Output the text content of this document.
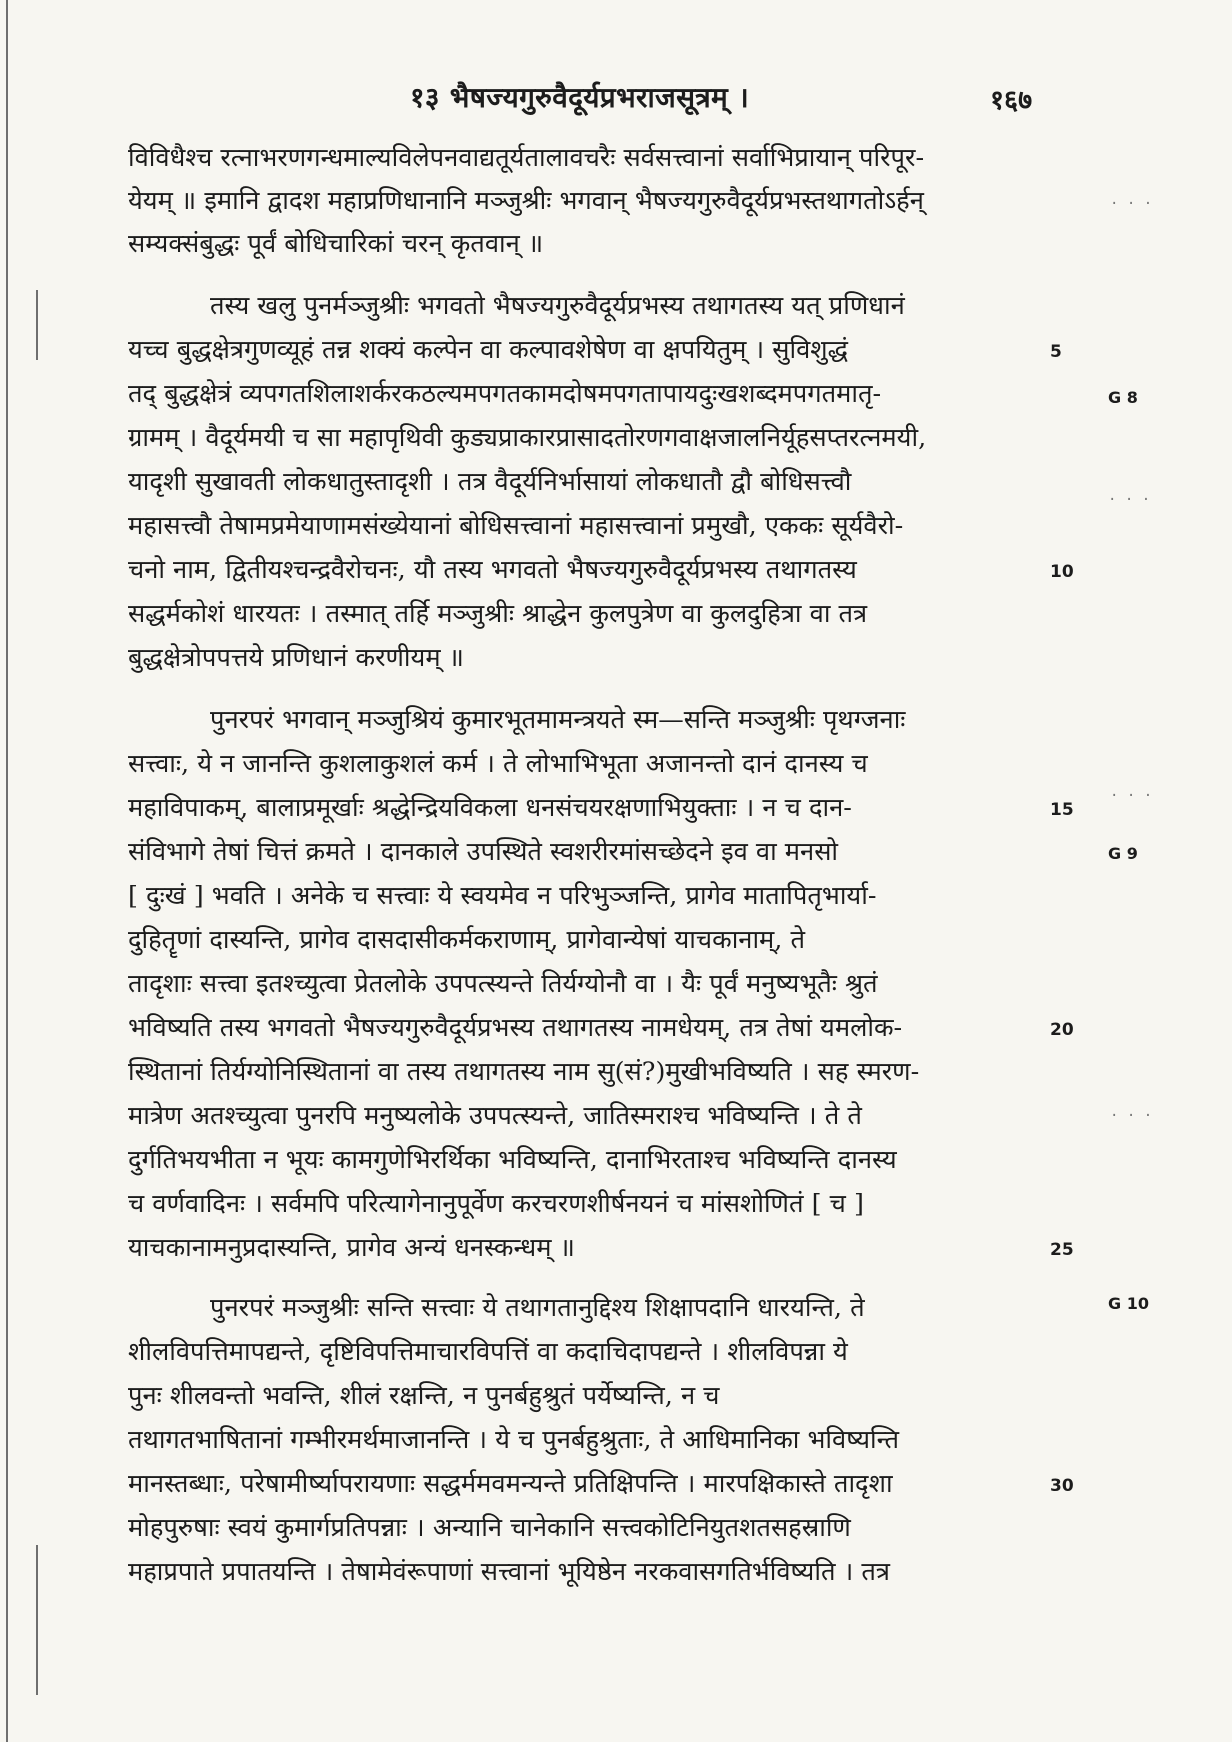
१३ भैषज्यगुरुवैदूर्यप्रभराजसूत्रम् ।	१६७
विविधैश्च रत्नाभरणगन्धमाल्यविलेपनवाद्यतूर्यतालावचरैः सर्वसत्त्वानां सर्वाभिप्रायान् परिपूर-
येयम् ॥ इमानि द्वादश महाप्रणिधानानि मञ्जुश्रीः भगवान् भैषज्यगुरुवैदूर्यप्रभस्तथागतोऽर्हन्
सम्यक्संबुद्धः पूर्वं बोधिचारिकां चरन् कृतवान् ॥
तस्य खलु पुनर्मञ्जुश्रीः भगवतो भैषज्यगुरुवैदूर्यप्रभस्य तथागतस्य यत् प्रणिधानं
यच्च बुद्धक्षेत्रगुणव्यूहं तन्न शक्यं कल्पेन वा कल्पावशेषेण वा क्षपयितुम् । सुविशुद्धं
तद् बुद्धक्षेत्रं व्यपगतशिलाशर्करकठल्यमपगतकामदोषमपगतापायदुःखशब्दमपगतमातृ-
ग्रामम् । वैदूर्यमयी च सा महापृथिवी कुड्यप्राकारप्रासादतोरणगवाक्षजालनिर्यूहसप्तरत्नमयी,
यादृशी सुखावती लोकधातुस्तादृशी । तत्र वैदूर्यनिर्भासायां लोकधातौ द्वौ बोधिसत्त्वौ
महासत्त्वौ तेषामप्रमेयाणामसंख्येयानां बोधिसत्त्वानां महासत्त्वानां प्रमुखौ, एककः सूर्यवैरो-
चनो नाम, द्वितीयश्चन्द्रवैरोचनः, यौ तस्य भगवतो भैषज्यगुरुवैदूर्यप्रभस्य तथागतस्य
सद्धर्मकोशं धारयतः । तस्मात् तर्हि मञ्जुश्रीः श्राद्धेन कुलपुत्रेण वा कुलदुहित्रा वा तत्र
बुद्धक्षेत्रोपपत्तये प्रणिधानं करणीयम् ॥
पुनरपरं भगवान् मञ्जुश्रियं कुमारभूतमामन्त्रयते स्म—सन्ति मञ्जुश्रीः पृथग्जनाः
सत्त्वाः, ये न जानन्ति कुशलाकुशलं कर्म । ते लोभाभिभूता अजानन्तो दानं दानस्य च
महाविपाकम्, बालाप्रमूर्खाः श्रद्धेन्द्रियविकला धनसंचयरक्षणाभियुक्ताः । न च दान-
संविभागे तेषां चित्तं क्रमते । दानकाले उपस्थिते स्वशरीरमांसच्छेदने इव वा मनसो
[ दुःखं ] भवति । अनेके च सत्त्वाः ये स्वयमेव न परिभुञ्जन्ति, प्रागेव मातापितृभार्या-
दुहितॄणां दास्यन्ति, प्रागेव दासदासीकर्मकराणाम्, प्रागेवान्येषां याचकानाम्, ते
तादृशाः सत्त्वा इतश्च्युत्वा प्रेतलोके उपपत्स्यन्ते तिर्यग्योनौ वा । यैः पूर्वं मनुष्यभूतैः श्रुतं
भविष्यति तस्य भगवतो भैषज्यगुरुवैदूर्यप्रभस्य तथागतस्य नामधेयम्, तत्र तेषां यमलोक-
स्थितानां तिर्यग्योनिस्थितानां वा तस्य तथागतस्य नाम सु(सं?)मुखीभविष्यति । सह स्मरण-
मात्रेण अतश्च्युत्वा पुनरपि मनुष्यलोके उपपत्स्यन्ते, जातिस्मराश्च भविष्यन्ति । ते ते
दुर्गतिभयभीता न भूयः कामगुणेभिरर्थिका भविष्यन्ति, दानाभिरताश्च भविष्यन्ति दानस्य
च वर्णवादिनः । सर्वमपि परित्यागेनानुपूर्वेण करचरणशीर्षनयनं च मांसशोणितं [ च ]
याचकानामनुप्रदास्यन्ति, प्रागेव अन्यं धनस्कन्धम् ॥
पुनरपरं मञ्जुश्रीः सन्ति सत्त्वाः ये तथागतानुद्दिश्य शिक्षापदानि धारयन्ति, ते
शीलविपत्तिमापद्यन्ते, दृष्टिविपत्तिमाचारविपत्तिं वा कदाचिदापद्यन्ते । शीलविपन्ना ये
पुनः शीलवन्तो भवन्ति, शीलं रक्षन्ति, न पुनर्बहुश्रुतं पर्येष्यन्ति, न च
तथागतभाषितानां गम्भीरमर्थमाजानन्ति । ये च पुनर्बहुश्रुताः, ते आधिमानिका भविष्यन्ति
मानस्तब्धाः, परेषामीर्ष्यापरायणाः सद्धर्ममवमन्यन्ते प्रतिक्षिपन्ति । मारपक्षिकास्ते तादृशा
मोहपुरुषाः स्वयं कुमार्गप्रतिपन्नाः । अन्यानि चानेकानि सत्त्वकोटिनियुतशतसहस्राणि
महाप्रपाते प्रपातयन्ति । तेषामेवंरूपाणां सत्त्वानां भूयिष्ठेन नरकवासगतिर्भविष्यति । तत्र
5
10
15
20
25
30
G 8
G 9
G 10
· · ·
· · ·
· · ·
· · ·
